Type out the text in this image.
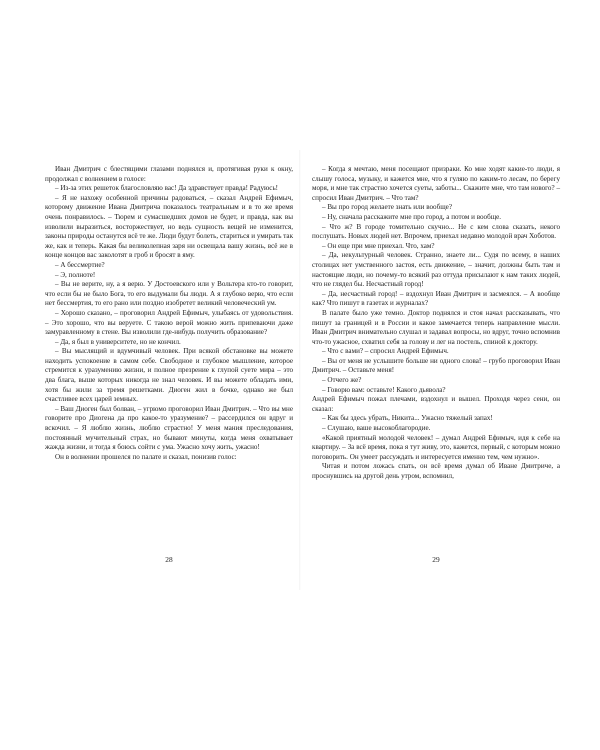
Иван Дмитрич с блестящими глазами поднялся и, протягивая руки к окну, продолжал с волнением в голосе:

– Из-за этих решеток благословляю вас! Да здравствует правда! Радуюсь!

– Я не нахожу особенной причины радоваться, – сказал Андрей Ефимыч, которому движение Ивана Дмитрича показалось театральным и в то же время очень понравилось. – Тюрем и сумасшедших домов не будет, и правда, как вы изволили выразиться, восторжествует, но ведь сущность вещей не изменится, законы природы останутся всё те же. Люди будут болеть, стариться и умирать так же, как и теперь. Какая бы великолепная заря ни освещала вашу жизнь, всё же в конце концов вас заколотят в гроб и бросят в яму.

– А бессмертие?

– Э, полноте!

– Вы не верите, ну, а я верю. У Достоевского или у Вольтера кто-то говорит, что если бы не было Бога, то его выдумали бы люди. А я глубоко верю, что если нет бессмертия, то его рано или поздно изобретет великий человеческий ум.

– Хорошо сказано, – проговорил Андрей Ефимыч, улыбаясь от удовольствия. – Это хорошо, что вы веруете. С такою верой можно жить припеваючи даже замуравленному в стене. Вы изволили где-нибудь получить образование?

– Да, я был в университете, но не кончил.

– Вы мыслящий и вдумчивый человек. При всякой обстановке вы можете находить успокоение в самом себе. Свободное и глубокое мышление, которое стремится к уразумению жизни, и полное презрение к глупой суете мира – это два блага, выше которых никогда не знал человек. И вы можете обладать ими, хотя бы жили за тремя решетками. Диоген жил в бочке, однако же был счастливее всех царей земных.

– Ваш Диоген был болван, – угрюмо проговорил Иван Дмитрич. – Что вы мне говорите про Диогена да про какое-то уразумение? – рассердился он вдруг и вскочил. – Я люблю жизнь, люблю страстно! У меня мания преследования, постоянный мучительный страх, но бывают минуты, когда меня охватывает жажда жизни, и тогда я боюсь сойти с ума. Ужасно хочу жить, ужасно!

Он в волнении прошелся по палате и сказал, понизив голос:

28

– Когда я мечтаю, меня посещают призраки. Ко мне ходят какие-то люди, я слышу голоса, музыку, и кажется мне, что я гуляю по каким-то лесам, по берегу моря, и мне так страстно хочется суеты, заботы... Скажите мне, что там нового? – спросил Иван Дмитрич. – Что там?

– Вы про город желаете знать или вообще?

– Ну, сначала расскажите мне про город, а потом и вообще.

– Что ж? В городе томительно скучно... Не с кем слова сказать, некого послушать. Новых людей нет. Впрочем, приехал недавно молодой врач Хоботов.

– Он еще при мне приехал. Что, хам?

– Да, некультурный человек. Странно, знаете ли... Судя по всему, в наших столицах нет умственного застоя, есть движение, – значит, должны быть там и настоящие люди, но почему-то всякий раз оттуда присылают к нам таких людей, что не глядел бы. Несчастный город!

– Да, несчастный город! – вздохнул Иван Дмитрич и засмеялся. – А вообще как? Что пишут в газетах и журналах?

В палате было уже темно. Доктор поднялся и стоя начал рассказывать, что пишут за границей и в России и какое замечается теперь направление мысли. Иван Дмитрич внимательно слушал и задавал вопросы, но вдруг, точно вспомнив что-то ужасное, схватил себя за голову и лег на постель, спиной к доктору.

– Что с вами? – спросил Андрей Ефимыч.

– Вы от меня не услышите больше ни одного слова! – грубо проговорил Иван Дмитрич. – Оставьте меня!

– Отчего же?

– Говорю вам: оставьте! Какого дьявола?

Андрей Ефимыч пожал плечами, вздохнул и вышел. Проходя через сени, он сказал:

– Как бы здесь убрать, Никита... Ужасно тяжелый запах!

– Слушаю, ваше высокоблагородие.

«Какой приятный молодой человек! – думал Андрей Ефимыч, идя к себе на квартиру. – За всё время, пока я тут живу, это, кажется, первый, с которым можно поговорить. Он умеет рассуждать и интересуется именно тем, чем нужно».

Читая и потом ложась спать, он всё время думал об Иване Дмитриче, а проснувшись на другой день утром, вспомнил,

29
